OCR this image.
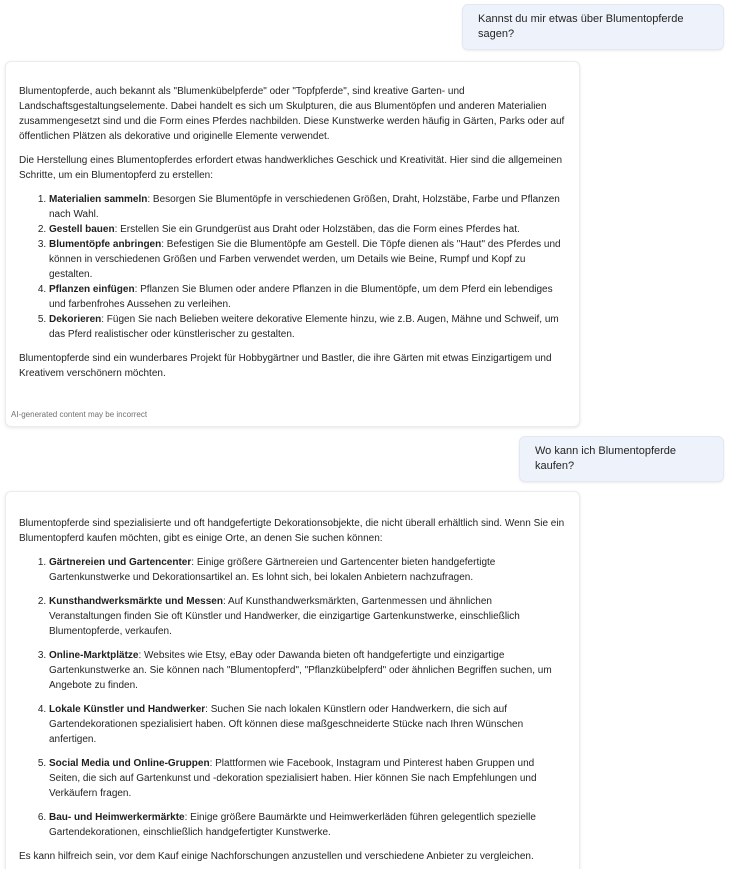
Kannst du mir etwas über Blumentopferde sagen?

Blumentopferde, auch bekannt als "Blumenkübelpferde" oder "Topfpferde", sind kreative Garten- und Landschaftsgestaltungselemente. Dabei handelt es sich um Skulpturen, die aus Blumentöpfen und anderen Materialien zusammengesetzt sind und die Form eines Pferdes nachbilden. Diese Kunstwerke werden häufig in Gärten, Parks oder auf öffentlichen Plätzen als dekorative und originelle Elemente verwendet.

Die Herstellung eines Blumentopferdes erfordert etwas handwerkliches Geschick und Kreativität. Hier sind die allgemeinen Schritte, um ein Blumentopferd zu erstellen:

1. Materialien sammeln: Besorgen Sie Blumentöpfe in verschiedenen Größen, Draht, Holzstäbe, Farbe und Pflanzen nach Wahl.
2. Gestell bauen: Erstellen Sie ein Grundgerüst aus Draht oder Holzstäben, das die Form eines Pferdes hat.
3. Blumentöpfe anbringen: Befestigen Sie die Blumentöpfe am Gestell. Die Töpfe dienen als "Haut" des Pferdes und können in verschiedenen Größen und Farben verwendet werden, um Details wie Beine, Rumpf und Kopf zu gestalten.
4. Pflanzen einfügen: Pflanzen Sie Blumen oder andere Pflanzen in die Blumentöpfe, um dem Pferd ein lebendiges und farbenfrohes Aussehen zu verleihen.
5. Dekorieren: Fügen Sie nach Belieben weitere dekorative Elemente hinzu, wie z.B. Augen, Mähne und Schweif, um das Pferd realistischer oder künstlerischer zu gestalten.

Blumentopferde sind ein wunderbares Projekt für Hobbygärtner und Bastler, die ihre Gärten mit etwas Einzigartigem und Kreativem verschönern möchten.

AI-generated content may be incorrect
Wo kann ich Blumentopferde kaufen?

Blumentopferde sind spezialisierte und oft handgefertigte Dekorationsobjekte, die nicht überall erhältlich sind. Wenn Sie ein Blumentopferd kaufen möchten, gibt es einige Orte, an denen Sie suchen können:

1. Gärtnereien und Gartencenter: Einige größere Gärtnereien und Gartencenter bieten handgefertigte Gartenkunstwerke und Dekorationsartikel an. Es lohnt sich, bei lokalen Anbietern nachzufragen.
2. Kunsthandwerksmärkte und Messen: Auf Kunsthandwerksmärkten, Gartenmessen und ähnlichen Veranstaltungen finden Sie oft Künstler und Handwerker, die einzigartige Gartenkunstwerke, einschließlich Blumentopferde, verkaufen.
3. Online-Marktplätze: Websites wie Etsy, eBay oder Dawanda bieten oft handgefertigte und einzigartige Gartenkunstwerke an. Sie können nach "Blumentopferd", "Pflanzkübelpferd" oder ähnlichen Begriffen suchen, um Angebote zu finden.
4. Lokale Künstler und Handwerker: Suchen Sie nach lokalen Künstlern oder Handwerkern, die sich auf Gartendekorationen spezialisiert haben. Oft können diese maßgeschneiderte Stücke nach Ihren Wünschen anfertigen.
5. Social Media und Online-Gruppen: Plattformen wie Facebook, Instagram und Pinterest haben Gruppen und Seiten, die sich auf Gartenkunst und -dekoration spezialisiert haben. Hier können Sie nach Empfehlungen und Verkäufern fragen.
6. Bau- und Heimwerkermärkte: Einige größere Baumärkte und Heimwerkerläden führen gelegentlich spezielle Gartendekorationen, einschließlich handgefertigter Kunstwerke.

Es kann hilfreich sein, vor dem Kauf einige Nachforschungen anzustellen und verschiedene Anbieter zu vergleichen.
